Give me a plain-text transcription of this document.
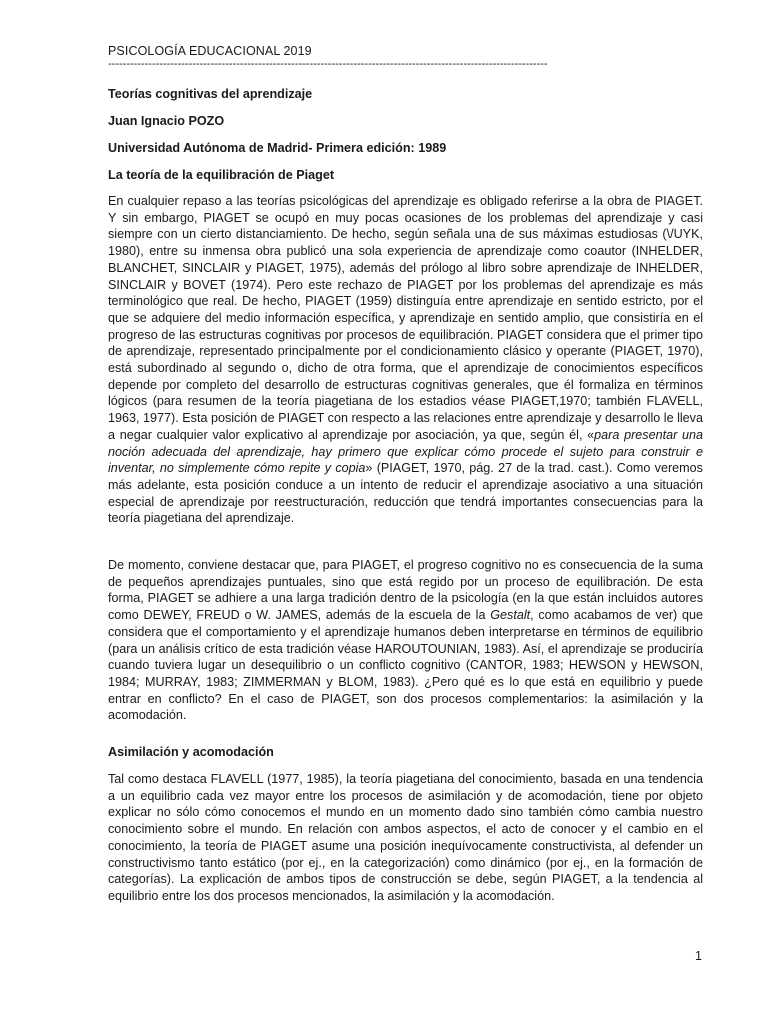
PSICOLOGÍA EDUCACIONAL 2019
------------------------------------------------------------------------------------------------------------------------
Teorías cognitivas del aprendizaje
Juan Ignacio POZO
Universidad Autónoma de Madrid- Primera edición: 1989
La teoría de la equilibración de Piaget

En cualquier repaso a las teorías psicológicas del aprendizaje es obligado referirse a la obra de PIAGET. Y sin embargo, PIAGET se ocupó en muy pocas ocasiones de los problemas del aprendizaje y casi siempre con un cierto distanciamiento. De hecho, según señala una de sus máximas estudiosas (\/UYK, 1980), entre su inmensa obra publicó una sola experiencia de aprendizaje como coautor (INHELDER, BLANCHET, SINCLAIR y PIAGET, 1975), además del prólogo al libro sobre aprendizaje de INHELDER, SINCLAIR y BOVET (1974). Pero este rechazo de PIAGET por los problemas del aprendizaje es más terminológico que real. De hecho, PIAGET (1959) distinguía entre aprendizaje en sentido estricto, por el que se adquiere del medio información específica, y aprendizaje en sentido amplio, que consistiría en el progreso de las estructuras cognitivas por procesos de equilibración. PIAGET considera que el primer tipo de aprendizaje, representado principalmente por el condicionamiento clásico y operante (PIAGET, 1970), está subordinado al segundo o, dicho de otra forma, que el aprendizaje de conocimientos específicos depende por completo del desarrollo de estructuras cognitivas generales, que él formaliza en términos lógicos (para resumen de la teoría piagetiana de los estadios véase PIAGET,1970; también FLAVELL, 1963, 1977). Esta posición de PIAGET con respecto a las relaciones entre aprendizaje y desarrollo le lleva a negar cualquier valor explicativo al aprendizaje por asociación, ya que, según él, «para presentar una noción adecuada del aprendizaje, hay primero que explicar cómo procede el sujeto para construir e inventar, no simplemente cómo repite y copia» (PIAGET, 1970, pág. 27 de la trad. cast.). Como veremos más adelante, esta posición conduce a un intento de reducir el aprendizaje asociativo a una situación especial de aprendizaje por reestructuración, reducción que tendrá importantes consecuencias para la teoría piagetiana del aprendizaje.

De momento, conviene destacar que, para PIAGET, el progreso cognitivo no es consecuencia de la suma de pequeños aprendizajes puntuales, sino que está regido por un proceso de equilibración. De esta forma, PIAGET se adhiere a una larga tradición dentro de la psicología (en la que están incluidos autores como DEWEY, FREUD o W. JAMES, además de la escuela de la Gestalt, como acabamos de ver) que considera que el comportamiento y el aprendizaje humanos deben interpretarse en términos de equilibrio (para un análisis crítico de esta tradición véase HAROUTOUNIAN, 1983). Así, el aprendizaje se produciría cuando tuviera lugar un desequilibrio o un conflicto cognitivo (CANTOR, 1983; HEWSON y HEWSON, 1984; MURRAY, 1983; ZIMMERMAN y BLOM, 1983). ¿Pero qué es lo que está en equilibrio y puede entrar en conflicto? En el caso de PIAGET, son dos procesos complementarios: la asimilación y la acomodación.

Asimilación y acomodación

Tal como destaca FLAVELL (1977, 1985), la teoría piagetiana del conocimiento, basada en una tendencia a un equilibrio cada vez mayor entre los procesos de asimilación y de acomodación, tiene por objeto explicar no sólo cómo conocemos el mundo en un momento dado sino también cómo cambia nuestro conocimiento sobre el mundo. En relación con ambos aspectos, el acto de conocer y el cambio en el conocimiento, la teoría de PIAGET asume una posición inequívocamente constructivista, al defender un constructivismo tanto estático (por ej., en la categorización) como dinámico (por ej., en la formación de categorías). La explicación de ambos tipos de construcción se debe, según PIAGET, a la tendencia al equilibrio entre los dos procesos mencionados, la asimilación y la acomodación.

1
